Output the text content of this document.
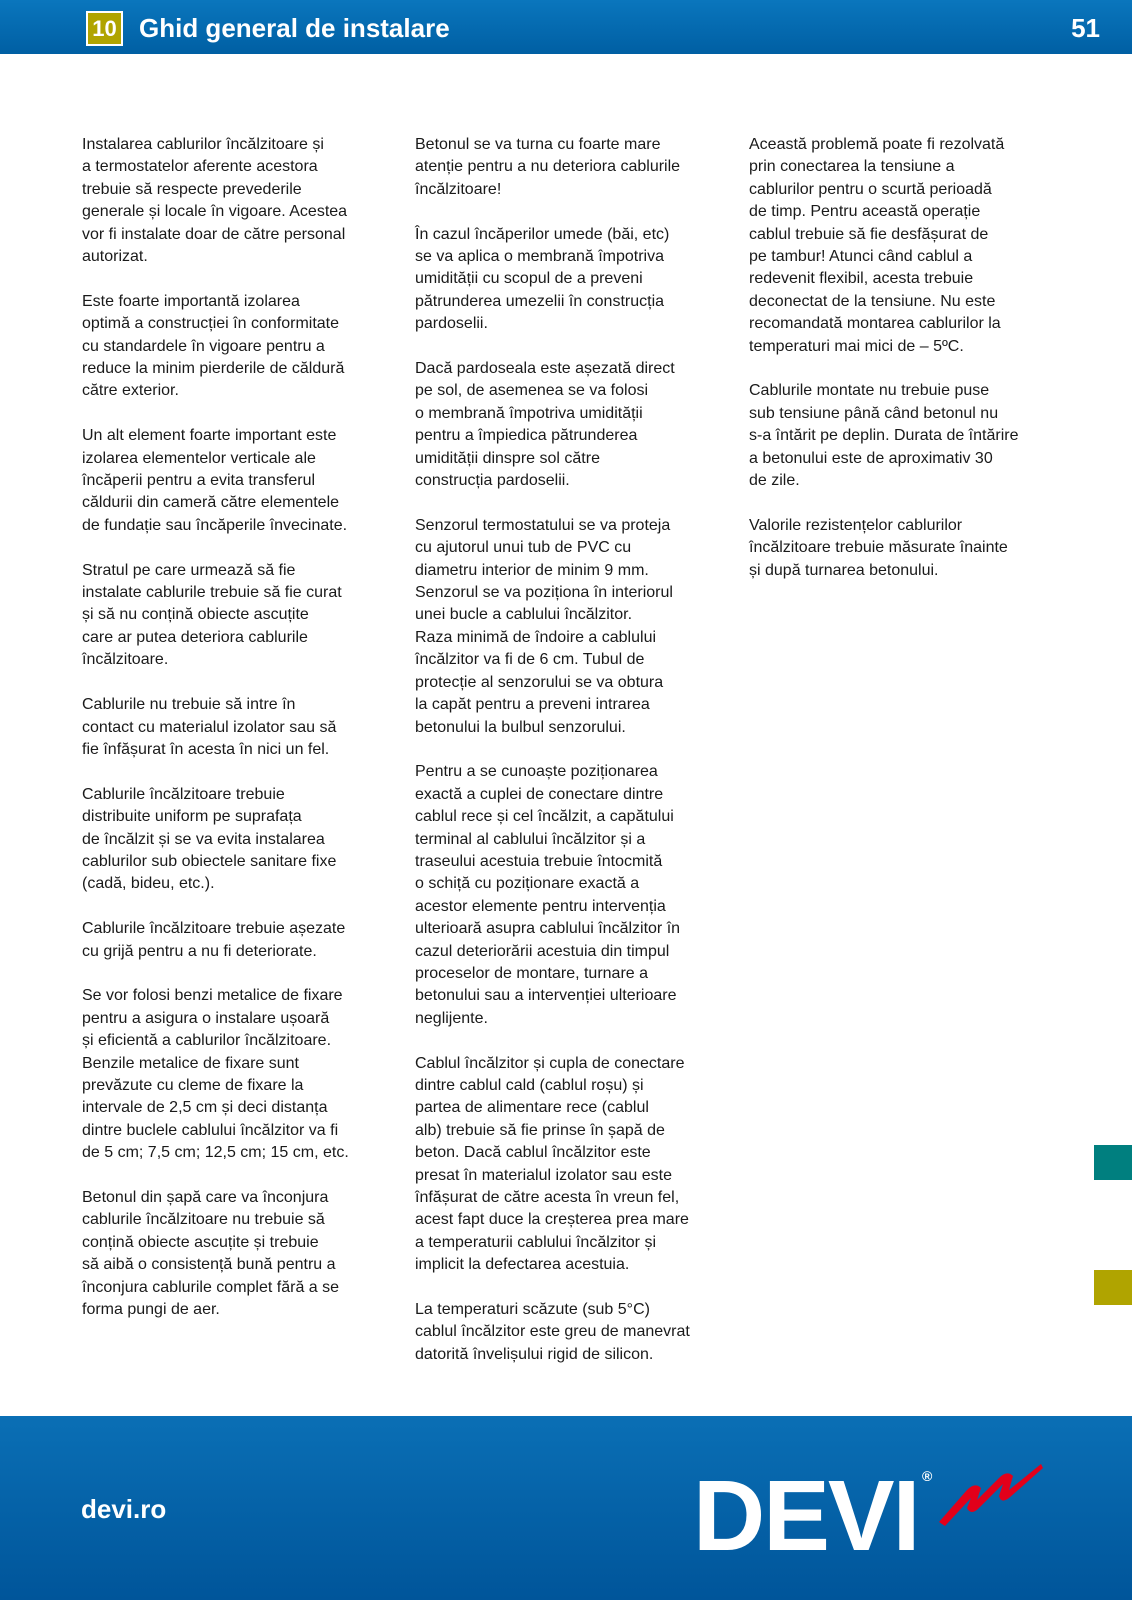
10 Ghid general de instalare	51

Instalarea cablurilor încălzitoare și
a termostatelor aferente acestora
trebuie să respecte prevederile
generale și locale în vigoare. Acestea
vor fi instalate doar de către personal
autorizat.

Este foarte importantă izolarea
optimă a construcției în conformitate
cu standardele în vigoare pentru a
reduce la minim pierderile de căldură
către exterior.

Un alt element foarte important este
izolarea elementelor verticale ale
încăperii pentru a evita transferul
căldurii din cameră către elementele
de fundație sau încăperile învecinate.

Stratul pe care urmează să fie
instalate cablurile trebuie să fie curat
și să nu conțină obiecte ascuțite
care ar putea deteriora cablurile
încălzitoare.

Cablurile nu trebuie să intre în
contact cu materialul izolator sau să
fie înfășurat în acesta în nici un fel.

Cablurile încălzitoare trebuie
distribuite uniform pe suprafața
de încălzit și se va evita instalarea
cablurilor sub obiectele sanitare fixe
(cadă, bideu, etc.).

Cablurile încălzitoare trebuie așezate
cu grijă pentru a nu fi deteriorate.

Se vor folosi benzi metalice de fixare
pentru a asigura o instalare ușoară
și eficientă a cablurilor încălzitoare.
Benzile metalice de fixare sunt
prevăzute cu cleme de fixare la
intervale de 2,5 cm și deci distanța
dintre buclele cablului încălzitor va fi
de 5 cm; 7,5 cm; 12,5 cm; 15 cm, etc.

Betonul din șapă care va înconjura
cablurile încălzitoare nu trebuie să
conțină obiecte ascuțite și trebuie
să aibă o consistență bună pentru a
înconjura cablurile complet fără a se
forma pungi de aer.

Betonul se va turna cu foarte mare
atenție pentru a nu deteriora cablurile
încălzitoare!

În cazul încăperilor umede (băi, etc)
se va aplica o membrană împotriva
umidității cu scopul de a preveni
pătrunderea umezelii în construcția
pardoselii.

Dacă pardoseala este așezată direct
pe sol, de asemenea se va folosi
o membrană împotriva umidității
pentru a împiedica pătrunderea
umidității dinspre sol către
construcția pardoselii.

Senzorul termostatului se va proteja
cu ajutorul unui tub de PVC cu
diametru interior de minim 9 mm.
Senzorul se va poziționa în interiorul
unei bucle a cablului încălzitor.
Raza minimă de îndoire a cablului
încălzitor va fi de 6 cm. Tubul de
protecție al senzorului se va obtura
la capăt pentru a preveni intrarea
betonului la bulbul senzorului.

Pentru a se cunoaște poziționarea
exactă a cuplei de conectare dintre
cablul rece și cel încălzit, a capătului
terminal al cablului încălzitor și a
traseului acestuia trebuie întocmită
o schiță cu poziționare exactă a
acestor elemente pentru intervenția
ulterioară asupra cablului încălzitor în
cazul deteriorării acestuia din timpul
proceselor de montare, turnare a
betonului sau a intervenției ulterioare
neglijente.

Cablul încălzitor și cupla de conectare
dintre cablul cald (cablul roșu) și
partea de alimentare rece (cablul
alb) trebuie să fie prinse în șapă de
beton. Dacă cablul încălzitor este
presat în materialul izolator sau este
înfășurat de către acesta în vreun fel,
acest fapt duce la creșterea prea mare
a temperaturii cablului încălzitor și
implicit la defectarea acestuia.

La temperaturi scăzute (sub 5°C)
cablul încălzitor este greu de manevrat
datorită învelișului rigid de silicon.

Această problemă poate fi rezolvată
prin conectarea la tensiune a
cablurilor pentru o scurtă perioadă
de timp. Pentru această operație
cablul trebuie să fie desfășurat de
pe tambur! Atunci când cablul a
redevenit flexibil, acesta trebuie
deconectat de la tensiune. Nu este
recomandată montarea cablurilor la
temperaturi mai mici de – 5ºC.

Cablurile montate nu trebuie puse
sub tensiune până când betonul nu
s-a întărit pe deplin. Durata de întărire
a betonului este de aproximativ 30
de zile.

Valorile rezistențelor cablurilor
încălzitoare trebuie măsurate înainte
și după turnarea betonului.

devi.ro	DEVI ®
